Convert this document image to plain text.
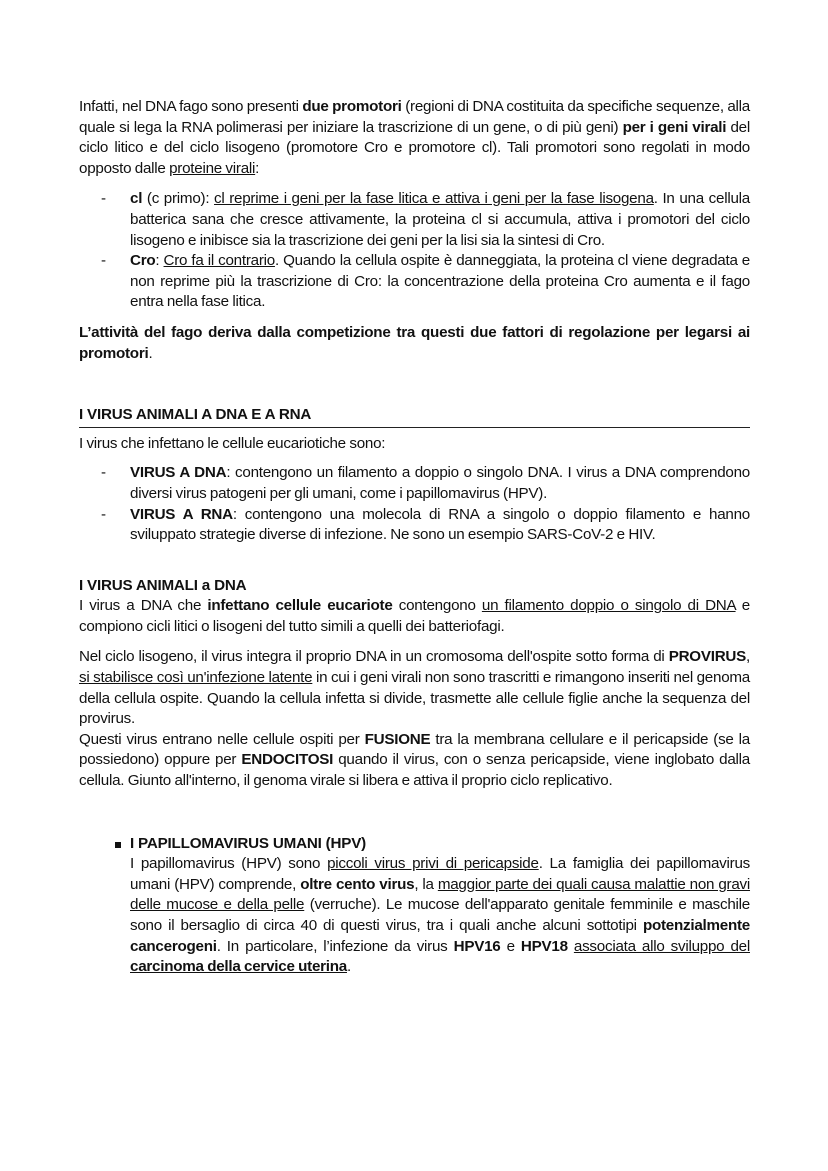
Infatti, nel DNA fago sono presenti due promotori (regioni di DNA costituita da specifiche sequenze, alla quale si lega la RNA polimerasi per iniziare la trascrizione di un gene, o di più geni) per i geni virali del ciclo litico e del ciclo lisogeno (promotore Cro e promotore cl). Tali promotori sono regolati in modo opposto dalle proteine virali:

- cl (c primo): cl reprime i geni per la fase litica e attiva i geni per la fase lisogena. In una cellula batterica sana che cresce attivamente, la proteina cl si accumula, attiva i promotori del ciclo lisogeno e inibisce sia la trascrizione dei geni per la lisi sia la sintesi di Cro.
- Cro: Cro fa il contrario. Quando la cellula ospite è danneggiata, la proteina cl viene degradata e non reprime più la trascrizione di Cro: la concentrazione della proteina Cro aumenta e il fago entra nella fase litica.

L’attività del fago deriva dalla competizione tra questi due fattori di regolazione per legarsi ai promotori.

I VIRUS ANIMALI A DNA E A RNA

I virus che infettano le cellule eucariotiche sono:

- VIRUS A DNA: contengono un filamento a doppio o singolo DNA. I virus a DNA comprendono diversi virus patogeni per gli umani, come i papillomavirus (HPV).
- VIRUS A RNA: contengono una molecola di RNA a singolo o doppio filamento e hanno sviluppato strategie diverse di infezione. Ne sono un esempio SARS-CoV-2 e HIV.
I VIRUS ANIMALI a DNA

I virus a DNA che infettano cellule eucariote contengono un filamento doppio o singolo di DNA e compiono cicli litici o lisogeni del tutto simili a quelli dei batteriofagi.

Nel ciclo lisogeno, il virus integra il proprio DNA in un cromosoma dell'ospite sotto forma di PROVIRUS, si stabilisce così un'infezione latente in cui i geni virali non sono trascritti e rimangono inseriti nel genoma della cellula ospite. Quando la cellula infetta si divide, trasmette alle cellule figlie anche la sequenza del provirus.

Questi virus entrano nelle cellule ospiti per FUSIONE tra la membrana cellulare e il pericapside (se la possiedono) oppure per ENDOCITOSI quando il virus, con o senza pericapside, viene inglobato dalla cellula. Giunto all'interno, il genoma virale si libera e attiva il proprio ciclo replicativo.

I PAPILLOMAVIRUS UMANI (HPV)

I papillomavirus (HPV) sono piccoli virus privi di pericapside. La famiglia dei papillomavirus umani (HPV) comprende, oltre cento virus, la maggior parte dei quali causa malattie non gravi delle mucose e della pelle (verruche). Le mucose dell'apparato genitale femminile e maschile sono il bersaglio di circa 40 di questi virus, tra i quali anche alcuni sottotipi potenzialmente cancerogeni. In particolare, l’infezione da virus HPV16 e HPV18 associata allo sviluppo del carcinoma della cervice uterina.
